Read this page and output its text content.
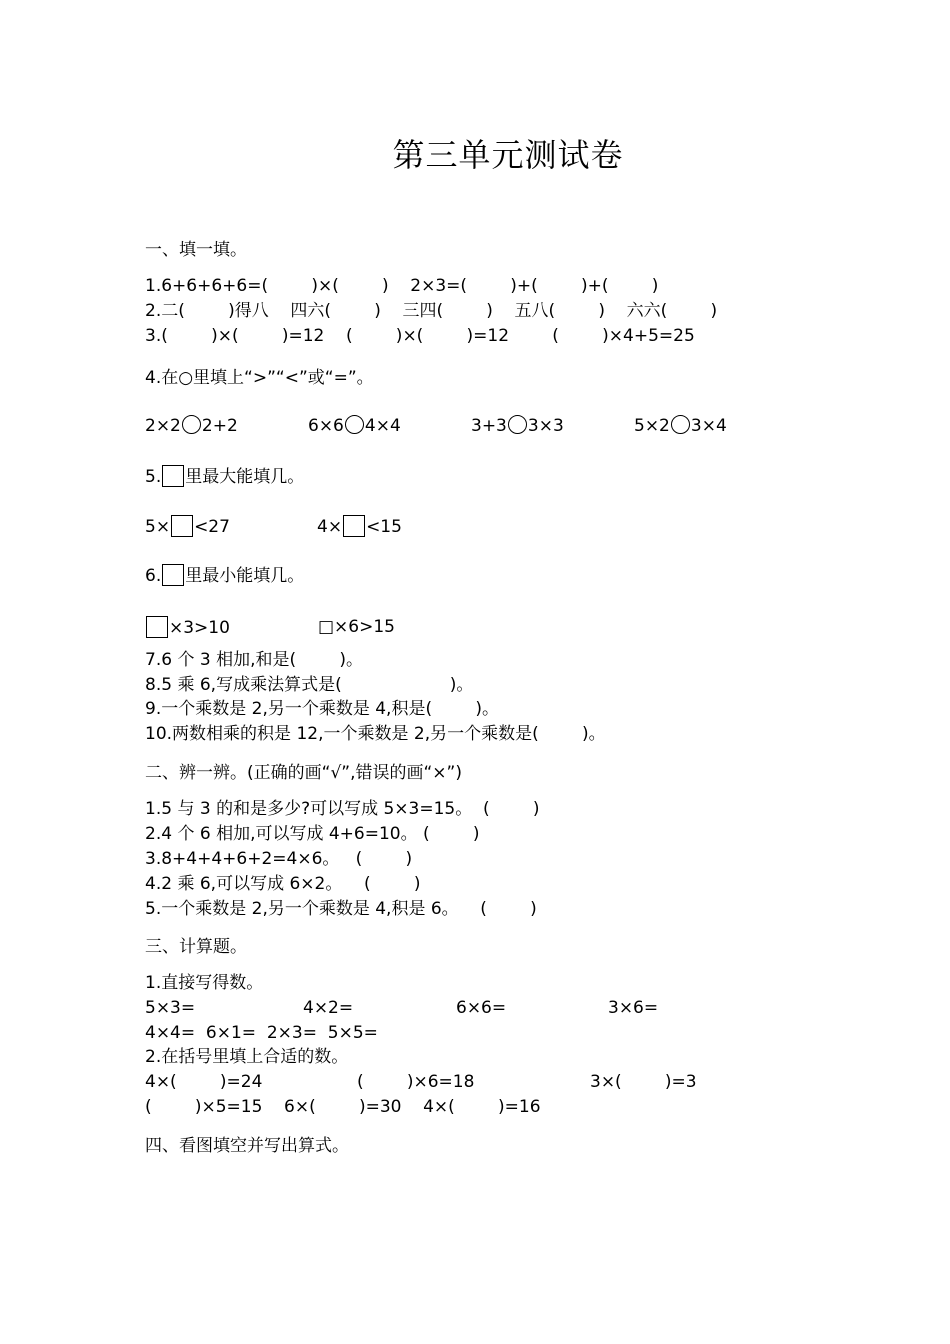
第三单元测试卷
一、填一填。
1.6+6+6+6=(        )×(        )    2×3=(        )+(        )+(        )
2.二(        )得八    四六(        )    三四(        )    五八(        )    六六(        )
3.(        )×(        )=12    (        )×(        )=12        (        )×4+5=25
4.在○里填上“>”“<”或“=”。
2×2 2+2	6×6 4×4	3+3 3×3	5×2 3×4
5. 里最大能填几。
5× <27	4× <15
6. 里最小能填几。
×3>10	□×6>15
7.6 个 3 相加,和是(        )。
8.5 乘 6,写成乘法算式是(                    )。
9.一个乘数是 2,另一个乘数是 4,积是(        )。
10.两数相乘的积是 12,一个乘数是 2,另一个乘数是(        )。
二、辨一辨。(正确的画“√”,错误的画“×”)
1.5 与 3 的和是多少?可以写成 5×3=15。  (        )
2.4 个 6 相加,可以写成 4+6=10。 (        )
3.8+4+4+6+2=4×6。   (        )
4.2 乘 6,可以写成 6×2。    (        )
5.一个乘数是 2,另一个乘数是 4,积是 6。    (        )
三、计算题。
1.直接写得数。
5×3=	4×2=	6×6=	3×6=
4×4=  6×1=  2×3=  5×5=
2.在括号里填上合适的数。
4×(        )=24	(        )×6=18	3×(        )=3
(        )×5=15    6×(        )=30    4×(        )=16
四、看图填空并写出算式。
